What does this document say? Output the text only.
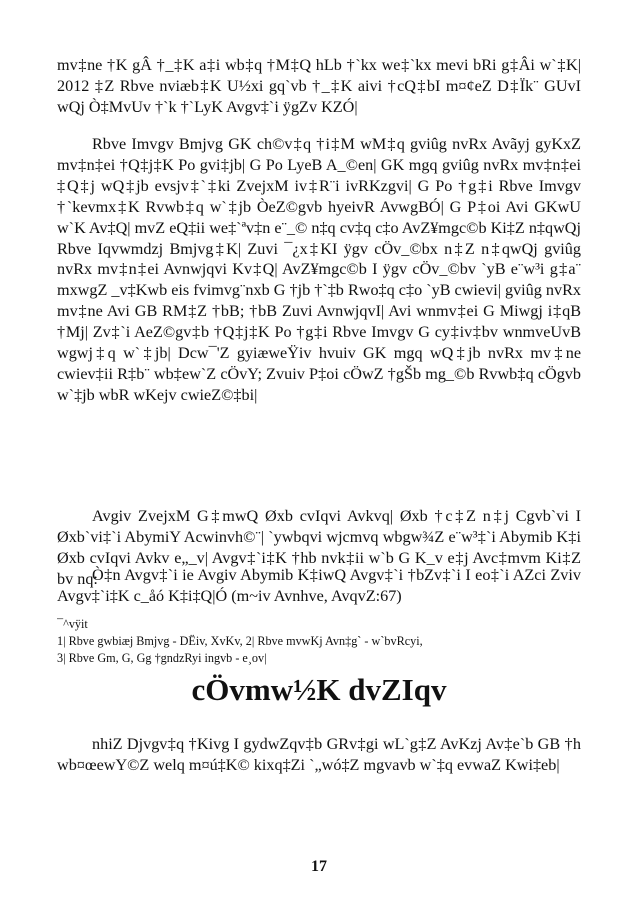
mv‡ne †K gÂ †_‡K a‡i wb‡q †M‡Q hLb †`kx we‡`kx mevi bRi g‡Âi w`‡K| 2012 ‡Z Rbve nviæb‡K U½xi gq`vb †_‡K aivi †cQ‡bI m¤¢eZ D‡Ïk¨ GUvI wQj Ò‡MvUv †`k †`LyK Avgv‡`i ÿgZv KZÓ|

Rbve Imvgv Bmjvg GK ch©v‡q †i‡M wM‡q gviûg nvRx Avãyj gyKxZ mv‡n‡ei †Q‡j‡K Po gvi‡jb| G Po LyeB A_©en| GK mgq gviûg nvRx mv‡n‡ei ‡Q‡j wQ‡jb evsjv‡`‡ki ZvejxM iv‡R¨i ivRKzgvi| G Po †g‡i Rbve Imvgv †`kevmx‡K Rvwb‡q w`‡jb ÒeZ©gvb hyeivR AvwgBÓ| G P‡oi Avi GKwU w`K Av‡Q| mvZ eQ‡ii we‡`ªv‡n e¨_© n‡q cv‡q c‡o AvZ¥mgc©b Ki‡Z n‡qwQj Rbve Iqvwmdzj Bmjvg‡K| Zuvi ¯¿x‡KI ÿgv cÖv_©bx n‡Z n‡qwQj gviûg nvRx mv‡n‡ei Avnwjqvi Kv‡Q| AvZ¥mgc©b I ÿgv cÖv_©bv `yB e¨w³i g‡a¨ mxwgZ _v‡Kwb eis fvimvg¨nxb G †jb †`‡b Rwo‡q c‡o `yB cwievi| gviûg nvRx mv‡ne Avi GB RM‡Z †bB; †bB Zuvi AvnwjqvI| Avi wnmv‡ei G Miwgj i‡qB †Mj| Zv‡`i AeZ©gv‡b †Q‡j‡K Po †g‡i Rbve Imvgv G cy‡iv‡bv wnmveUvB wgwj‡q w`‡jb| Dcw¯'Z gyiæweŸiv hvuiv GK mgq wQ‡jb nvRx mv‡ne cwiev‡ii R‡b¨ wb‡ew`Z cÖvY; Zvuiv P‡oi cÖwZ †gŠb mg_©b Rvwb‡q cÖgvb w`‡jb wbR wKejv cwieZ©‡bi|

Avgiv ZvejxM G‡mwQ Øxb cvIqvi Avkvq| Øxb †c‡Z n‡j Cgvb`vi I Øxb`vi‡`i AbymiY Acwinvh©¨| `ywbqvi wjcmvq wbgw¾Z e¨w³‡`i Abymib K‡i Øxb cvIqvi Avkv e„_v| Avgv‡`i‡K †hb nvk‡ii w`b G K_v e‡j Avc‡mvm Ki‡Z bv nq:

Ò‡n Avgv‡`i ie Avgiv Abymib K‡iwQ Avgv‡`i †bZv‡`i I eo‡`i AZci Zviv Avgv‡`i‡K c_åó K‡i‡Q|Ó (m~iv Avnhve, AvqvZ:67)

¯^vÿit
1| Rbve gwbiæj Bmjvg - DËiv, XvKv, 2| Rbve mvwKj Avn‡g` - w`bvRcyi,
3| Rbve Gm, G, Gg †gndzRyi ingvb - e¸ov|
cÖvmw½K dvZIqv

nhiZ Djvgv‡q †Kivg I gydwZqv‡b GRv‡gi wL`g‡Z AvKzj Av‡e`b GB †h wb¤œewY©Z welq m¤ú‡K© kixq‡Zi `„wó‡Z mgvavb w`‡q evwaZ Kwi‡eb|

17
